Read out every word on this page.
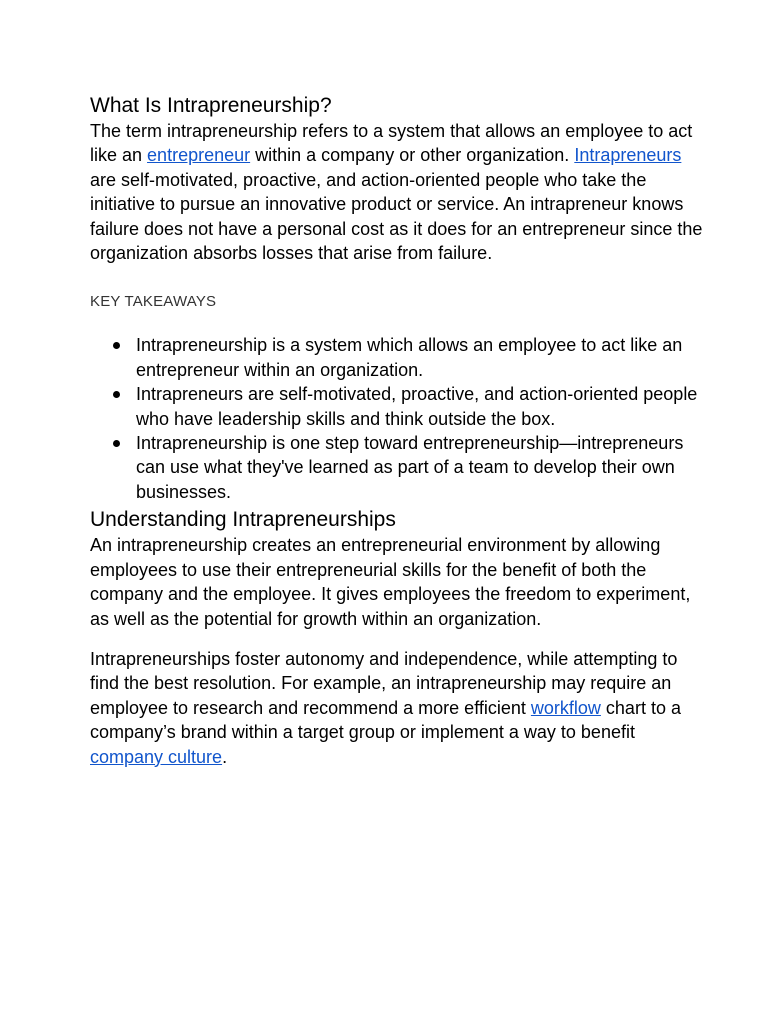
What Is Intrapreneurship?

The term intrapreneurship refers to a system that allows an employee to act like an entrepreneur within a company or other organization. Intrapreneurs are self-motivated, proactive, and action-oriented people who take the initiative to pursue an innovative product or service. An intrapreneur knows failure does not have a personal cost as it does for an entrepreneur since the organization absorbs losses that arise from failure.

KEY TAKEAWAYS
Intrapreneurship is a system which allows an employee to act like an entrepreneur within an organization.
Intrapreneurs are self-motivated, proactive, and action-oriented people who have leadership skills and think outside the box.
Intrapreneurship is one step toward entrepreneurship—intrepreneurs can use what they've learned as part of a team to develop their own businesses.
Understanding Intrapreneurships

An intrapreneurship creates an entrepreneurial environment by allowing employees to use their entrepreneurial skills for the benefit of both the company and the employee. It gives employees the freedom to experiment, as well as the potential for growth within an organization.

Intrapreneurships foster autonomy and independence, while attempting to find the best resolution. For example, an intrapreneurship may require an employee to research and recommend a more efficient workflow chart to a company’s brand within a target group or implement a way to benefit company culture.
